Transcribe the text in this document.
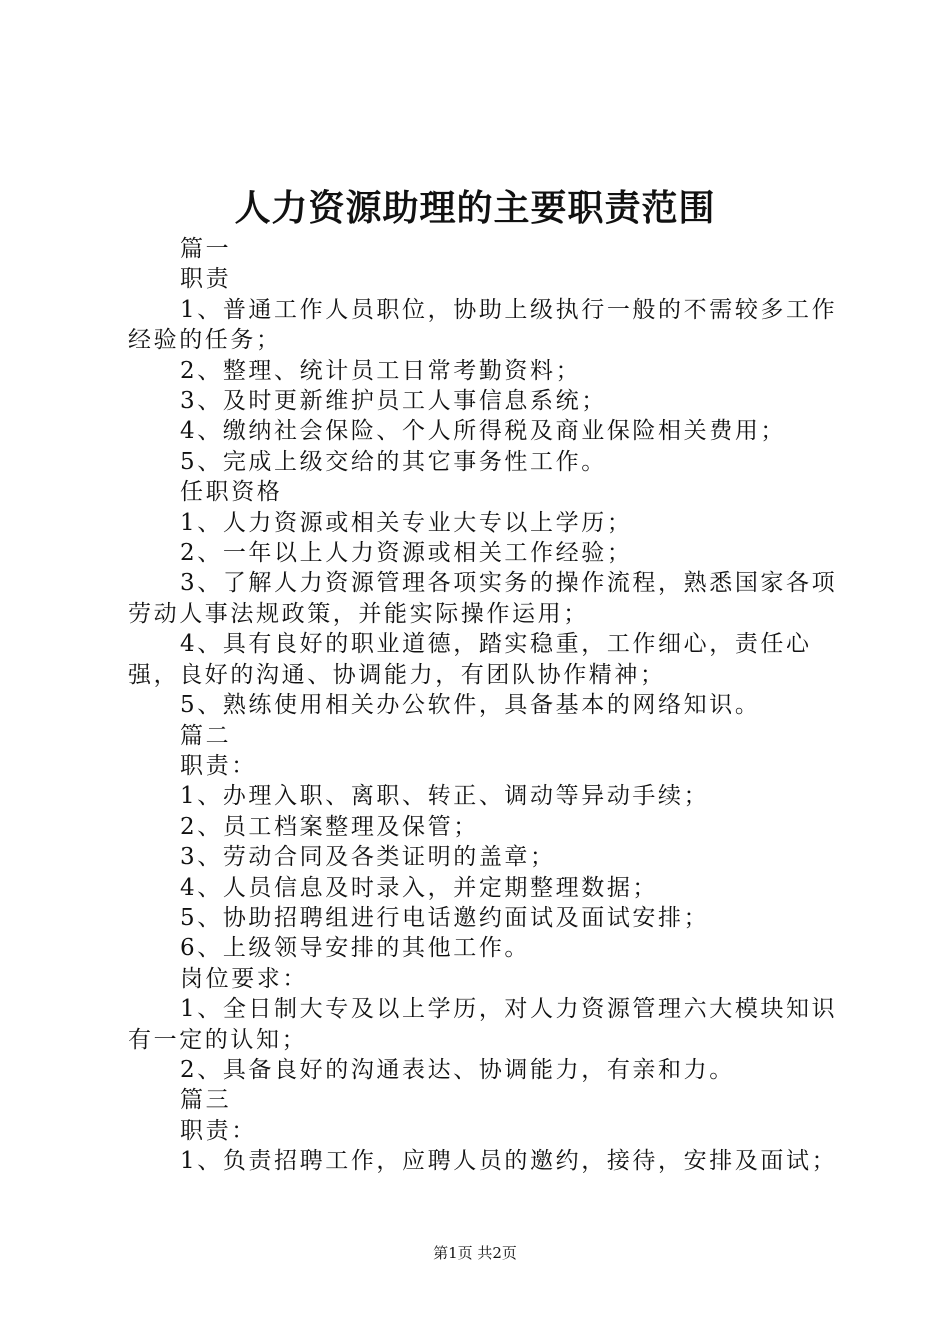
人力资源助理的主要职责范围

篇一

职责

1、普通工作人员职位，协助上级执行一般的不需较多工作经验的任务；

2、整理、统计员工日常考勤资料；

3、及时更新维护员工人事信息系统；

4、缴纳社会保险、个人所得税及商业保险相关费用；

5、完成上级交给的其它事务性工作。

任职资格

1、人力资源或相关专业大专以上学历；

2、一年以上人力资源或相关工作经验；

3、了解人力资源管理各项实务的操作流程，熟悉国家各项劳动人事法规政策，并能实际操作运用；

4、具有良好的职业道德，踏实稳重，工作细心，责任心强，良好的沟通、协调能力，有团队协作精神；

5、熟练使用相关办公软件，具备基本的网络知识。

篇二

职责：

1、办理入职、离职、转正、调动等异动手续；

2、员工档案整理及保管；

3、劳动合同及各类证明的盖章；

4、人员信息及时录入，并定期整理数据；

5、协助招聘组进行电话邀约面试及面试安排；

6、上级领导安排的其他工作。

岗位要求：

1、全日制大专及以上学历，对人力资源管理六大模块知识有一定的认知；

2、具备良好的沟通表达、协调能力，有亲和力。

篇三

职责：

1、负责招聘工作，应聘人员的邀约，接待，安排及面试；

第1页 共2页
